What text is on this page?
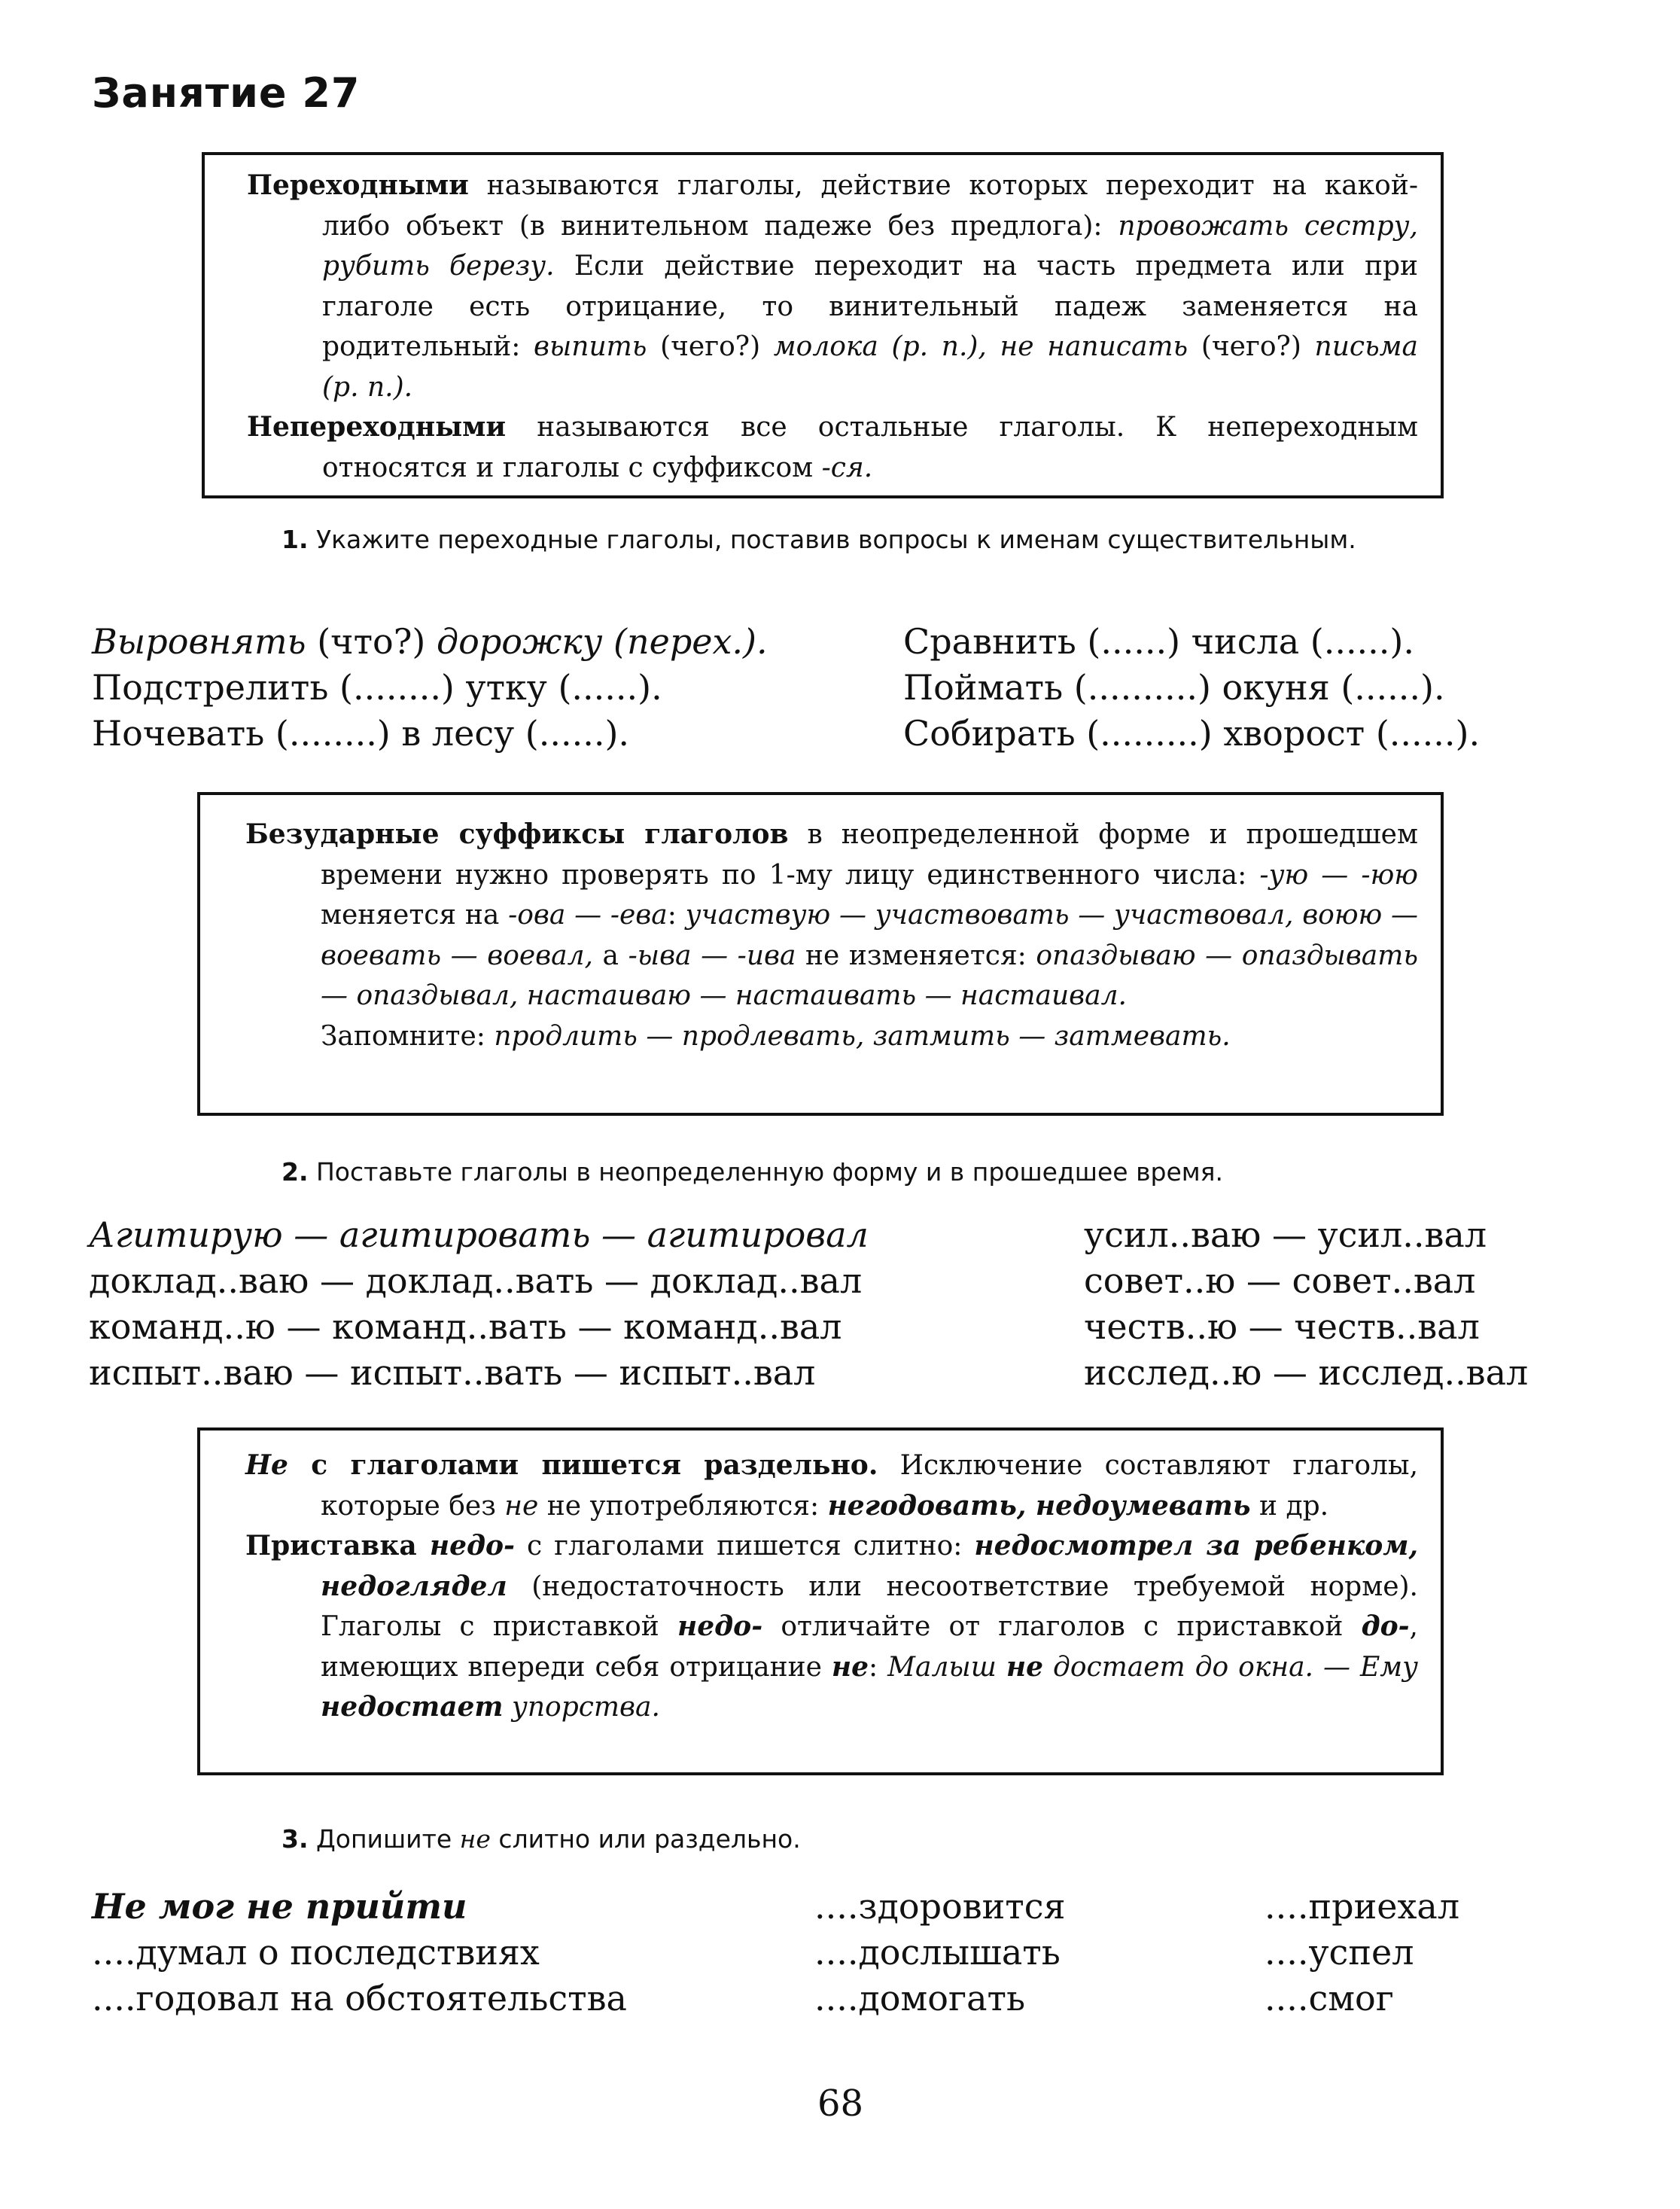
Занятие 27

Переходными называются глаголы, действие которых переходит на какой-либо объект (в винительном падеже без предлога): провожать сестру, рубить березу. Если действие переходит на часть предмета или при глаголе есть отрицание, то винительный падеж заменяется на родительный: выпить (чего?) молока (р. п.), не написать (чего?) письма (р. п.).

Непереходными называются все остальные глаголы. К непереходным относятся и глаголы с суффиксом -ся.

1. Укажите переходные глаголы, поставив вопросы к именам существительным.
Выровнять (что?) дорожку (перех.).
Подстрелить (........) утку (......).
Ночевать (........) в лесу (......).
Сравнить (......) числа (......).
Поймать (..........) окуня (......).
Собирать (.........) хворост (......).

Безударные суффиксы глаголов в неопределенной форме и прошедшем времени нужно проверять по 1-му лицу единственного числа: -ую — -юю меняется на -ова — -ева: участвую — участвовать — участвовал, воюю — воевать — воевал, а -ыва — -ива не изменяется: опаздываю — опаздывать — опаздывал, настаиваю — настаивать — настаивал.

Запомните: продлить — продлевать, затмить — затмевать.

2. Поставьте глаголы в неопределенную форму и в прошедшее время.
Агитирую — агитировать — агитировал
доклад..ваю — доклад..вать — доклад..вал
команд..ю — команд..вать — команд..вал
испыт..ваю — испыт..вать — испыт..вал
усил..ваю — усил..вал
совет..ю — совет..вал
честв..ю — честв..вал
исслед..ю — исслед..вал

Не с глаголами пишется раздельно. Исключение составляют глаголы, которые без не не употребляются: негодовать, недоумевать и др.

Приставка недо- с глаголами пишется слитно: недосмотрел за ребенком, недоглядел (недостаточность или несоответствие требуемой норме). Глаголы с приставкой недо- отличайте от глаголов с приставкой до-, имеющих впереди себя отрицание не: Малыш не достает до окна. — Ему недостает упорства.

3. Допишите не слитно или раздельно.
Не мог не прийти
....думал о последствиях
....годовал на обстоятельства
....здоровится
....дослышать
....домогать
....приехал
....успел
....смог
68
